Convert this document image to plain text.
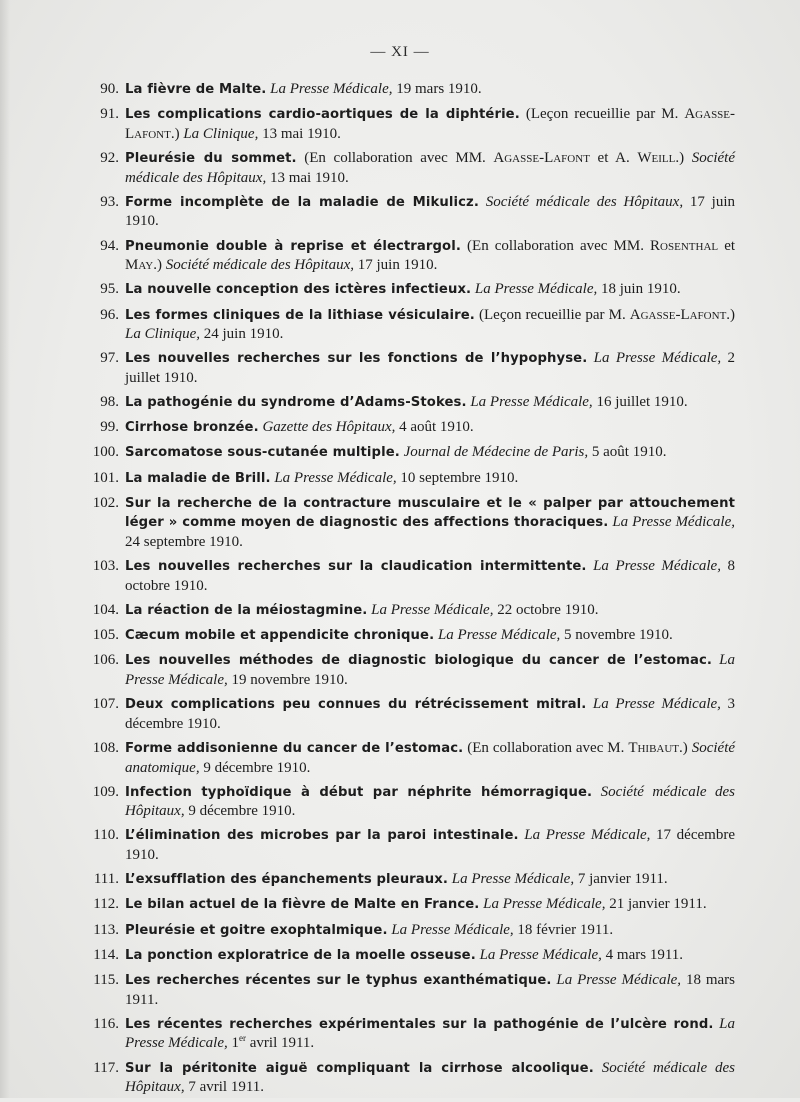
— XI —
90. La fièvre de Malte. La Presse Médicale, 19 mars 1910.
91. Les complications cardio-aortiques de la diphtérie. (Leçon recueillie par M. Agasse-Lafont.) La Clinique, 13 mai 1910.
92. Pleurésie du sommet. (En collaboration avec MM. Agasse-Lafont et A. Weill.) Société médicale des Hôpitaux, 13 mai 1910.
93. Forme incomplète de la maladie de Mikulicz. Société médicale des Hôpitaux, 17 juin 1910.
94. Pneumonie double à reprise et électrargol. (En collaboration avec MM. Rosenthal et May.) Société médicale des Hôpitaux, 17 juin 1910.
95. La nouvelle conception des ictères infectieux. La Presse Médicale, 18 juin 1910.
96. Les formes cliniques de la lithiase vésiculaire. (Leçon recueillie par M. Agasse-Lafont.) La Clinique, 24 juin 1910.
97. Les nouvelles recherches sur les fonctions de l’hypophyse. La Presse Médicale, 2 juillet 1910.
98. La pathogénie du syndrome d’Adams-Stokes. La Presse Médicale, 16 juillet 1910.
99. Cirrhose bronzée. Gazette des Hôpitaux, 4 août 1910.
100. Sarcomatose sous-cutanée multiple. Journal de Médecine de Paris, 5 août 1910.
101. La maladie de Brill. La Presse Médicale, 10 septembre 1910.
102. Sur la recherche de la contracture musculaire et le « palper par attouchement léger » comme moyen de diagnostic des affections thoraciques. La Presse Médicale, 24 septembre 1910.
103. Les nouvelles recherches sur la claudication intermittente. La Presse Médicale, 8 octobre 1910.
104. La réaction de la méiostagmine. La Presse Médicale, 22 octobre 1910.
105. Cæcum mobile et appendicite chronique. La Presse Médicale, 5 novembre 1910.
106. Les nouvelles méthodes de diagnostic biologique du cancer de l’estomac. La Presse Médicale, 19 novembre 1910.
107. Deux complications peu connues du rétrécissement mitral. La Presse Médicale, 3 décembre 1910.
108. Forme addisonienne du cancer de l’estomac. (En collaboration avec M. Thibaut.) Société anatomique, 9 décembre 1910.
109. Infection typhoïdique à début par néphrite hémorragique. Société médicale des Hôpitaux, 9 décembre 1910.
110. L’élimination des microbes par la paroi intestinale. La Presse Médicale, 17 décembre 1910.
111. L’exsufflation des épanchements pleuraux. La Presse Médicale, 7 janvier 1911.
112. Le bilan actuel de la fièvre de Malte en France. La Presse Médicale, 21 janvier 1911.
113. Pleurésie et goitre exophtalmique. La Presse Médicale, 18 février 1911.
114. La ponction exploratrice de la moelle osseuse. La Presse Médicale, 4 mars 1911.
115. Les recherches récentes sur le typhus exanthématique. La Presse Médicale, 18 mars 1911.
116. Les récentes recherches expérimentales sur la pathogénie de l’ulcère rond. La Presse Médicale, 1er avril 1911.
117. Sur la péritonite aiguë compliquant la cirrhose alcoolique. Société médicale des Hôpitaux, 7 avril 1911.
